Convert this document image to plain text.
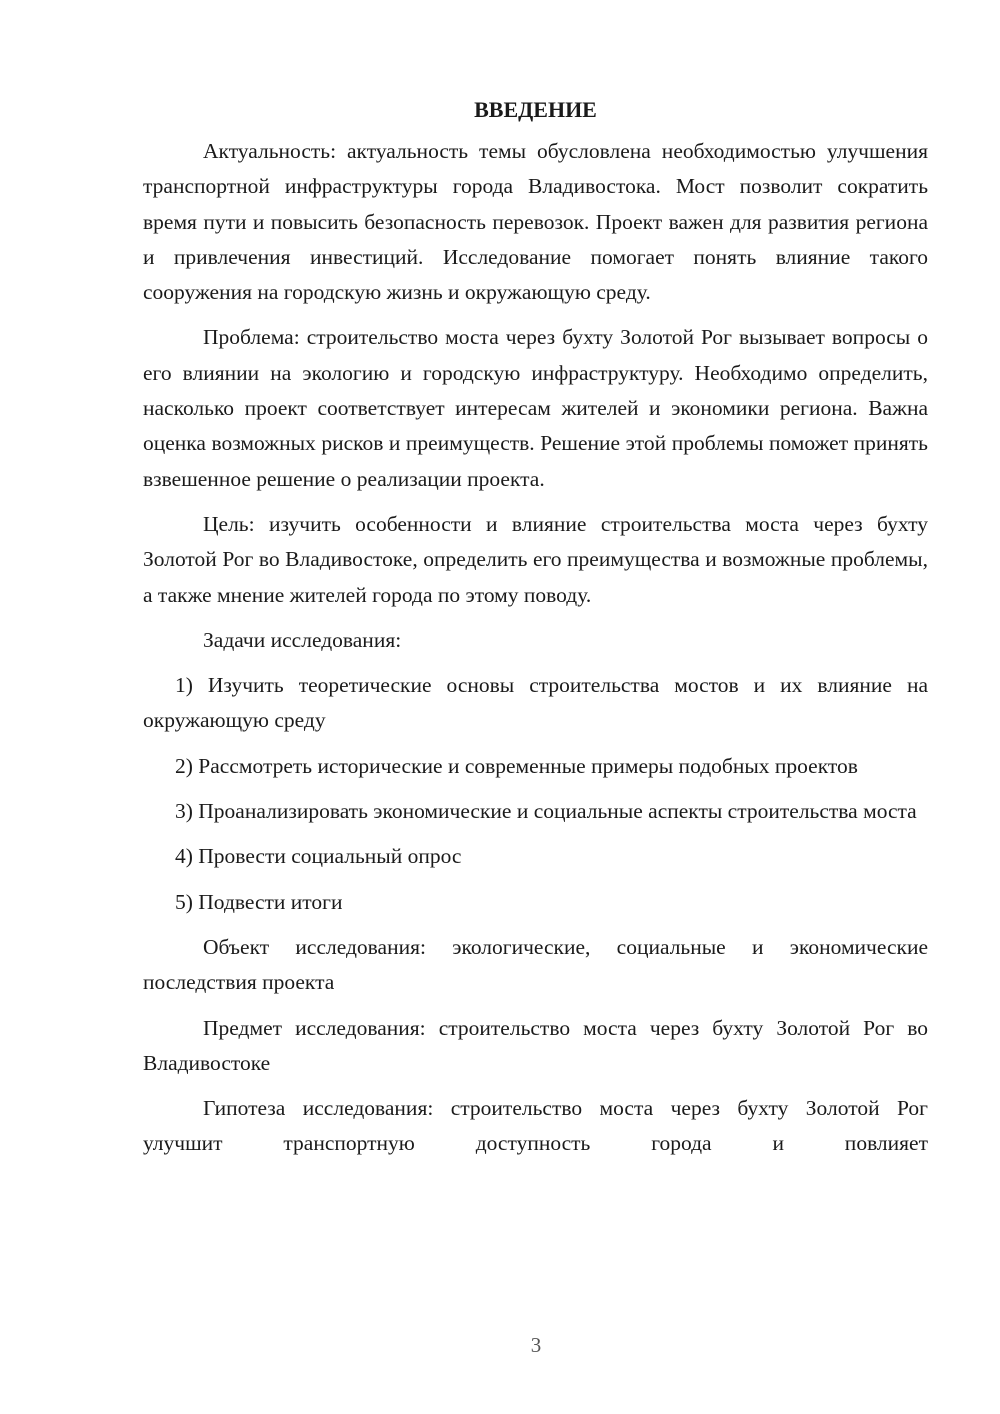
ВВЕДЕНИЕ

Актуальность: актуальность темы обусловлена необходимостью улучшения транспортной инфраструктуры города Владивостока. Мост позволит сократить время пути и повысить безопасность перевозок. Проект важен для развития региона и привлечения инвестиций. Исследование помогает понять влияние такого сооружения на городскую жизнь и окружающую среду.

Проблема: строительство моста через бухту Золотой Рог вызывает вопросы о его влиянии на экологию и городскую инфраструктуру. Необходимо определить, насколько проект соответствует интересам жителей и экономики региона. Важна оценка возможных рисков и преимуществ. Решение этой проблемы поможет принять взвешенное решение о реализации проекта.

Цель: изучить особенности и влияние строительства моста через бухту Золотой Рог во Владивостоке, определить его преимущества и возможные проблемы, а также мнение жителей города по этому поводу.

Задачи исследования:

1) Изучить теоретические основы строительства мостов и их влияние на окружающую среду

2) Рассмотреть исторические и современные примеры подобных проектов

3) Проанализировать экономические и социальные аспекты строительства моста

4) Провести социальный опрос

5) Подвести итоги

Объект исследования: экологические, социальные и экономические последствия проекта

Предмет исследования: строительство моста через бухту Золотой Рог во Владивостоке

Гипотеза исследования: строительство моста через бухту Золотой Рог улучшит транспортную доступность города и повлияет

3
